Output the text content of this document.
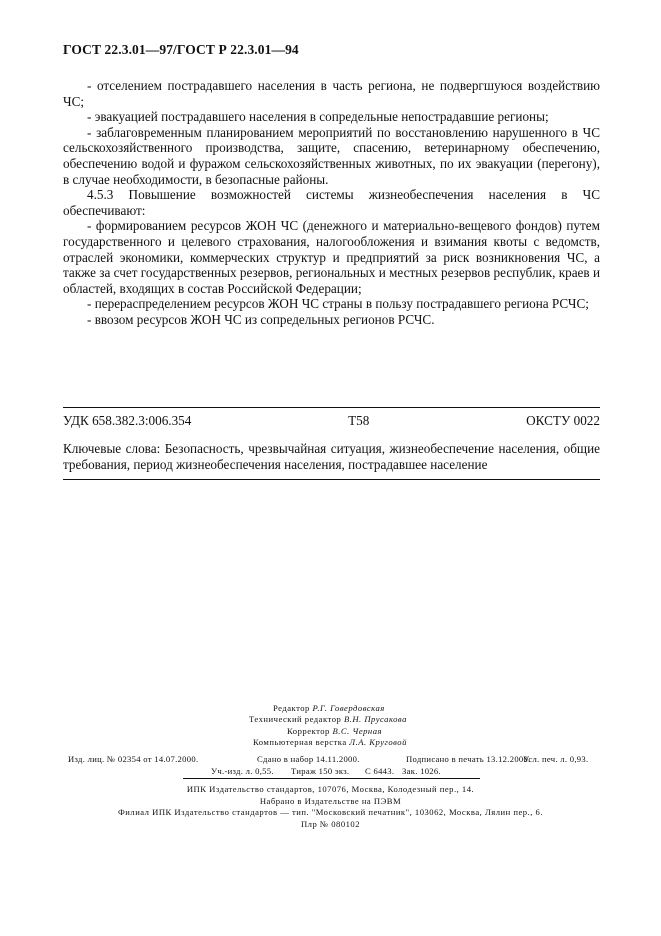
ГОСТ 22.3.01—97/ГОСТ Р 22.3.01—94

- отселением пострадавшего населения в часть региона, не подвергшуюся воздействию ЧС;

- эвакуацией пострадавшего населения в сопредельные непострадавшие регионы;

- заблаговременным планированием мероприятий по восстановлению нарушенного в ЧС сельскохозяйственного производства, защите, спасению, ветеринарному обеспечению, обеспечению водой и фуражом сельскохозяйственных животных, по их эвакуации (перегону), в случае необходимости, в безопасные районы.

4.5.3 Повышение возможностей системы жизнеобеспечения населения в ЧС обеспечивают:

- формированием ресурсов ЖОН ЧС (денежного и материально-вещевого фондов) путем государственного и целевого страхования, налогообложения и взимания квоты с ведомств, отраслей экономики, коммерческих структур и предприятий за риск возникновения ЧС, а также за счет государственных резервов, региональных и местных резервов республик, краев и областей, входящих в состав Российской Федерации;

- перераспределением ресурсов ЖОН ЧС страны в пользу пострадавшего региона РСЧС;

- ввозом ресурсов ЖОН ЧС из сопредельных регионов РСЧС.

УДК 658.382.3:006.354	Т58	ОКСТУ 0022
Ключевые слова: Безопасность, чрезвычайная ситуация, жизнеобеспечение населения, общие требования, период жизнеобеспечения населения, пострадавшее население
Редактор Р.Г. Говердовская
Технический редактор В.Н. Прусакова
Корректор В.С. Черная
Компьютерная верстка Л.А. Круговой
Изд. лиц. № 02354 от 14.07.2000.	Сдано в набор 14.11.2000.	Подписано в печать 13.12.2000.
Усл. печ. л. 0,93.
Уч.-изд. л. 0,55. Тираж 150 экз. С 6443. Зак. 1026.
ИПК Издательство стандартов, 107076, Москва, Колодезный пер., 14.
Набрано в Издательстве на ПЭВМ
Филиал ИПК Издательство стандартов — тип. "Московский печатник", 103062, Москва, Лялин пер., 6.
Плр № 080102
